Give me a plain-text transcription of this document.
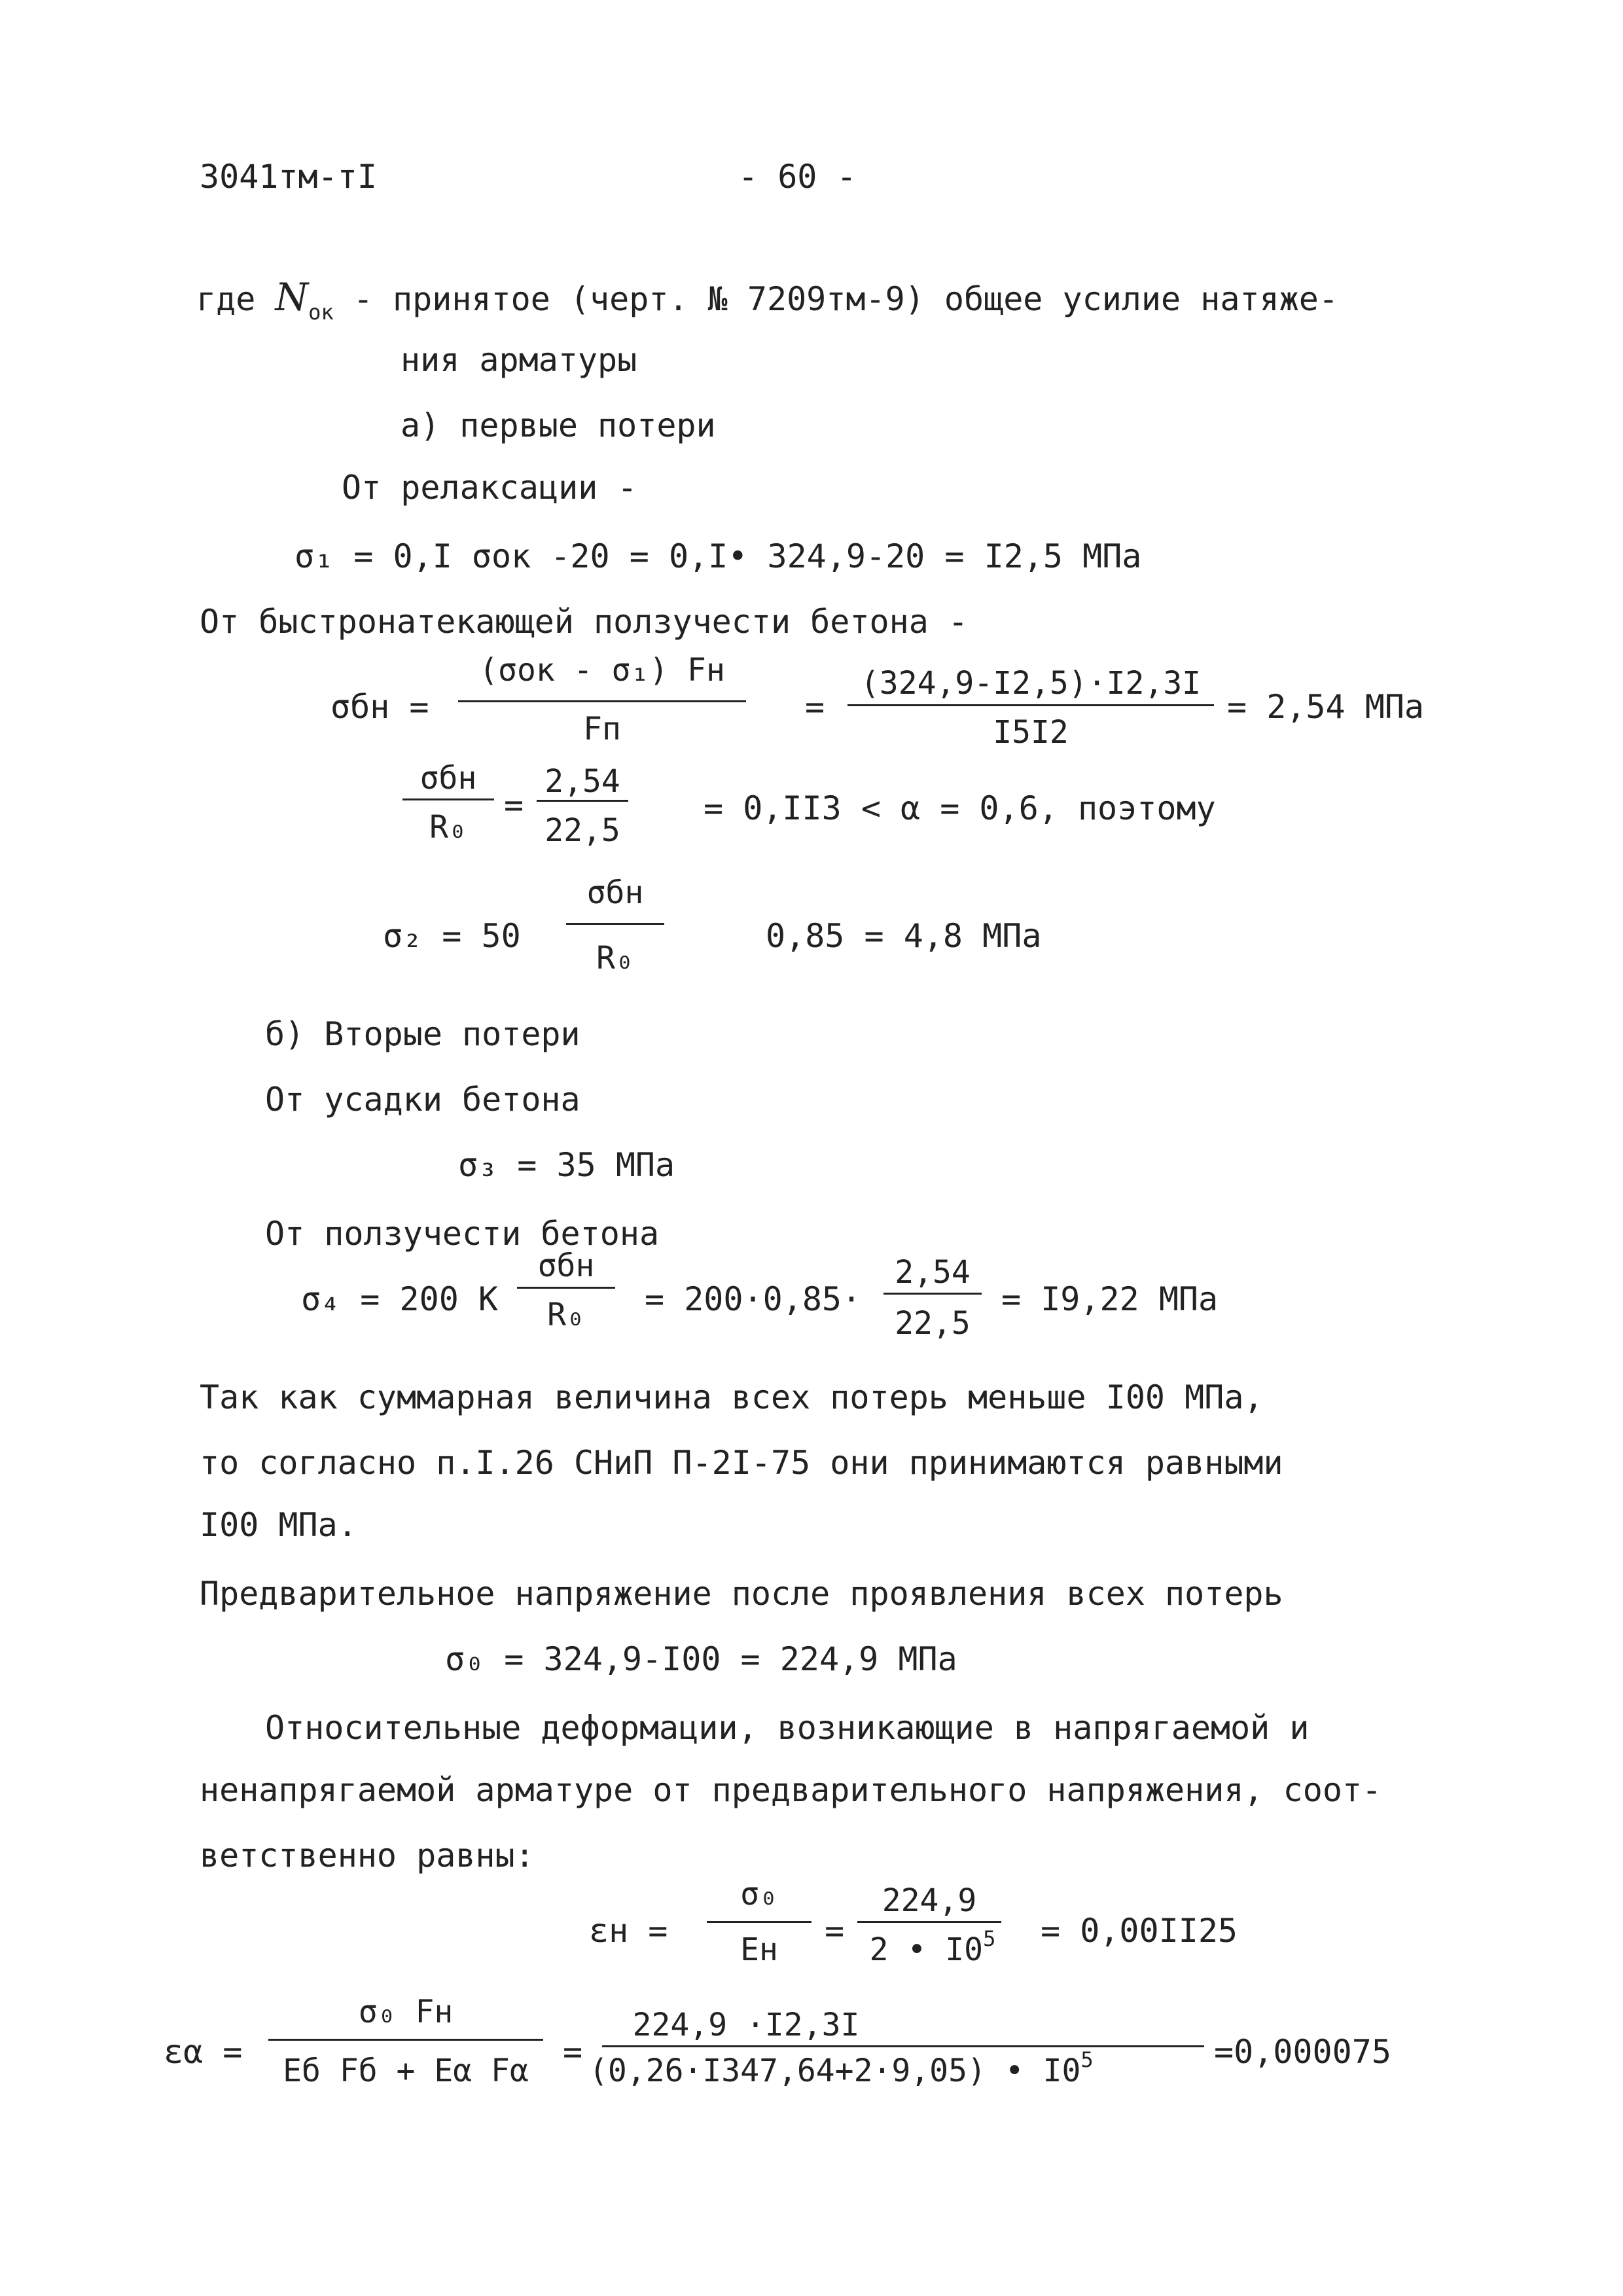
3041тм-тI	- 60 -
где $N_{ок}$ - принятое (черт. № 7209тм-9) общее усилие натяже-
ния арматуры
а) первые потери
От релаксации -
σ₁ = 0,I σок -20 = 0,I• 324,9-20 = I2,5 МПа
От быстронатекающей ползучести бетона -
σбн =
(σок - σ₁) Fн
Fп
=
(324,9-I2,5)·I2,3I
I5I2
= 2,54 МПа
σбн
R₀
=
2,54
22,5
= 0,II3 < α = 0,6, поэтому
σ₂ = 50
σбн
R₀
0,85 = 4,8 МПа
б) Вторые потери
От усадки бетона
σ₃ = 35 МПа
От ползучести бетона
σ₄ = 200 К
σбн
R₀	= 200·0,85·
2,54
22,5
= I9,22 МПа
Так как суммарная величина всех потерь меньше I00 МПа,
то согласно п.I.26 СНиП П-2I-75 они принимаются равными
I00 МПа.
Предварительное напряжение после проявления всех потерь
σ₀ = 324,9-I00 = 224,9 МПа
Относительные деформации, возникающие в напрягаемой и
ненапрягаемой арматуре от предварительного напряжения, соот-
ветственно равны:
εн =
σ₀
Eн	=
224,9
2 • $I0^5$	= 0,00II25
εα =
σ₀ Fн
Eб Fб + Eα Fα	=
224,9 ·I2,3I
(0,26·I347,64+2·9,05) • $I0^5$	=0,000075
